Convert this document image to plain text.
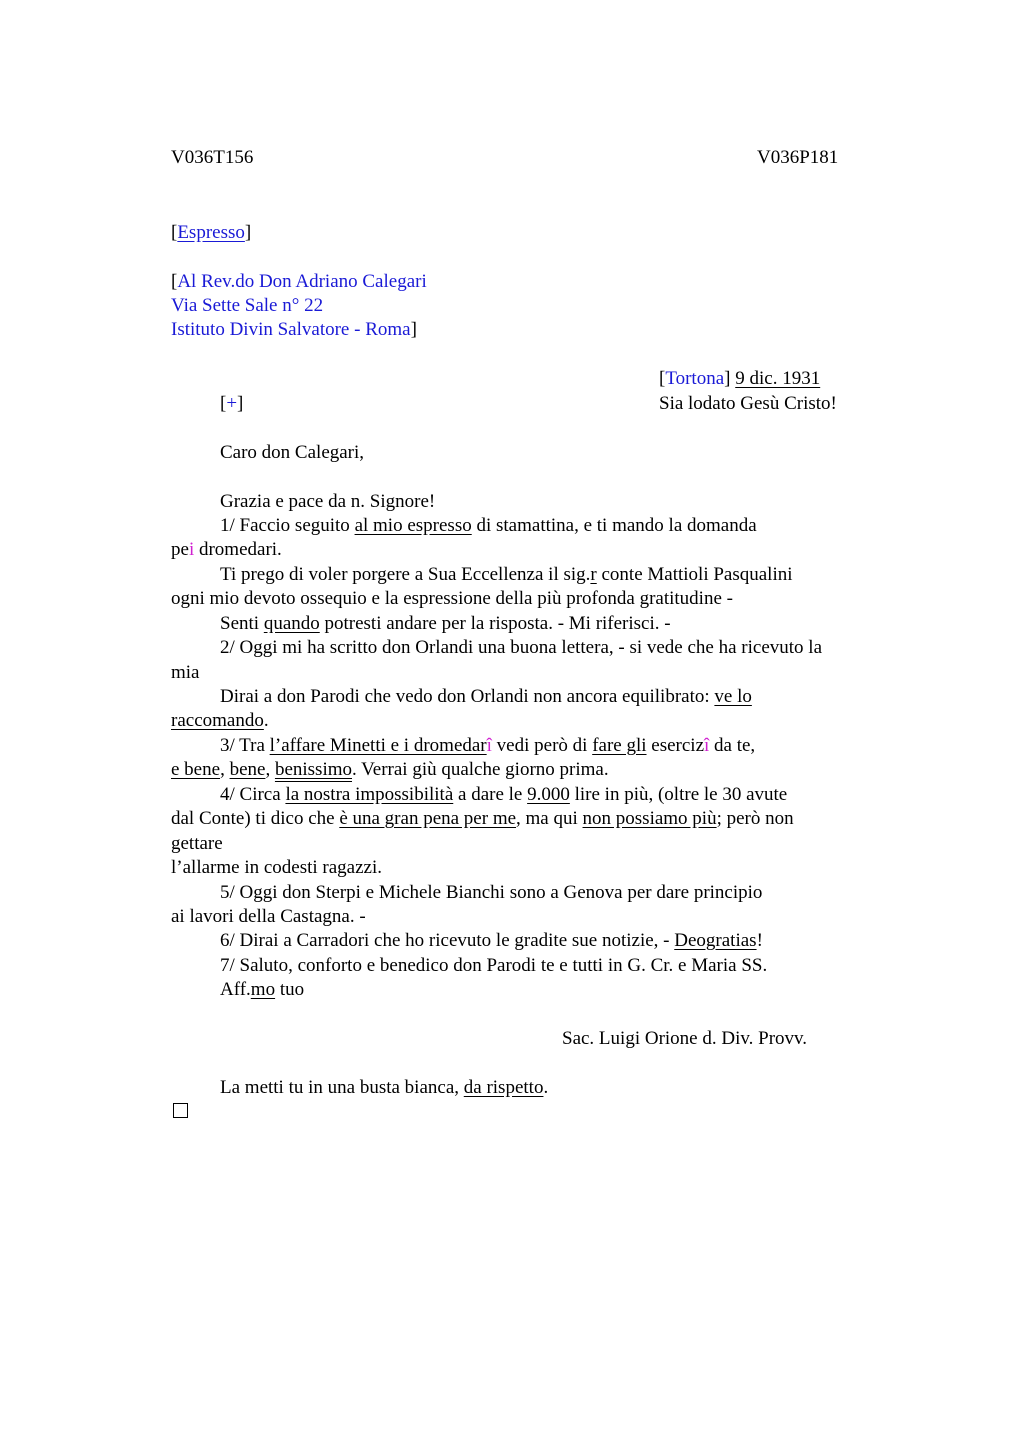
V036T156	V036P181
[Espresso]
[Al Rev.do Don Adriano Calegari
Via Sette Sale n° 22
Istituto Divin Salvatore - Roma]
[Tortona] 9 dic. 1931
[+]	Sia lodato Gesù Cristo!
Caro don Calegari,
Grazia e pace da n. Signore!
1/ Faccio seguito al mio espresso di stamattina, e ti mando la domanda
pei dromedari.
Ti prego di voler porgere a Sua Eccellenza il sig.r conte Mattioli Pasqualini
ogni mio devoto ossequio e la espressione della più profonda gratitudine -
Senti quando potresti andare per la risposta. - Mi riferisci. -
2/ Oggi mi ha scritto don Orlandi una buona lettera, - si vede che ha ricevuto la
mia
Dirai a don Parodi che vedo don Orlandi non ancora equilibrato: ve lo
raccomando.
3/ Tra l’affare Minetti e i dromedarî vedi però di fare gli esercizî da te,
e bene, bene, benissimo. Verrai giù qualche giorno prima.
4/ Circa la nostra impossibilità a dare le 9.000 lire in più, (oltre le 30 avute
dal Conte) ti dico che è una gran pena per me, ma qui non possiamo più; però non
gettare
l’allarme in codesti ragazzi.
5/ Oggi don Sterpi e Michele Bianchi sono a Genova per dare principio
ai lavori della Castagna. -
6/ Dirai a Carradori che ho ricevuto le gradite sue notizie, - Deogratias!
7/ Saluto, conforto e benedico don Parodi te e tutti in G. Cr. e Maria SS.
Aff.mo tuo
Sac. Luigi Orione d. Div. Provv.
La metti tu in una busta bianca, da rispetto.
